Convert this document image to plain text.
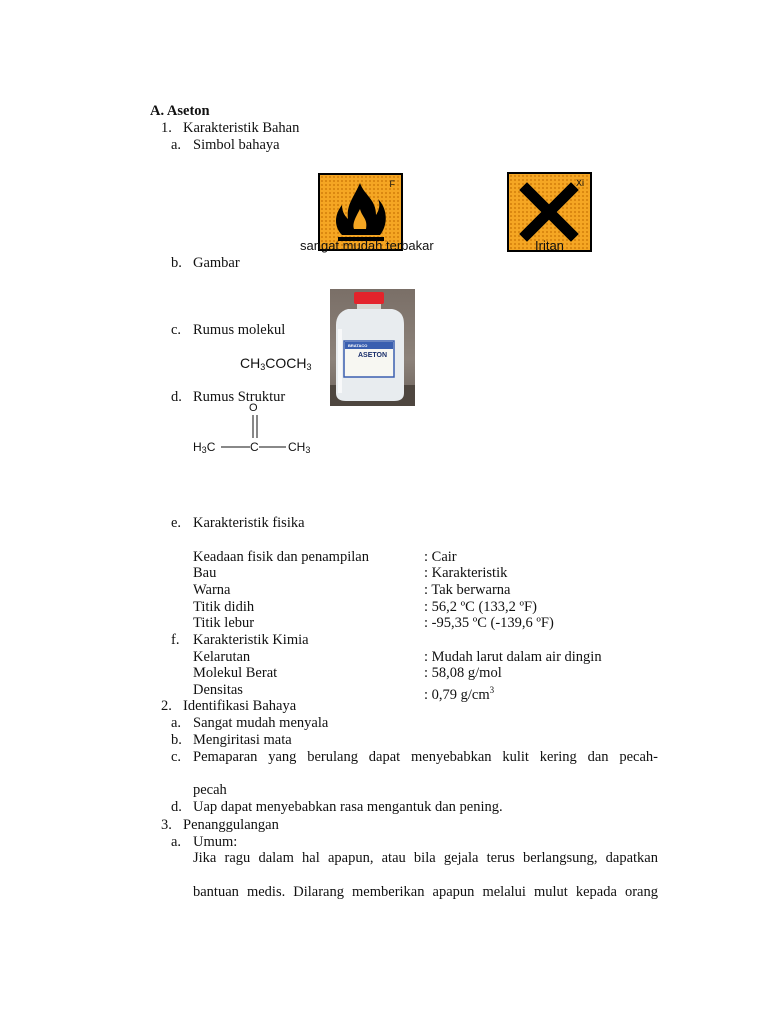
A. Aseton
1. Karakteristik Bahan
a. Simbol bahaya
F
sangat mudah terbakar
Xi
Iritan
b. Gambar
BRATACO
ASETON
c. Rumus molekul
$CH_3COCH_3$
d. Rumus Struktur
O
$H_3C$	C $CH_3$
e. Karakteristik fisika
Keadaan fisik dan penampilan	: Cair
Bau	: Karakteristik
Warna	: Tak berwarna
Titik didih	: 56,2 ºC (133,2 ºF)
Titik lebur	: -95,35 ºC (-139,6 ºF)
f. Karakteristik Kimia
Kelarutan	: Mudah larut dalam air dingin
Molekul Berat	: 58,08 g/mol
Densitas	: 0,79 $g/cm^3$
2. Identifikasi Bahaya
a. Sangat mudah menyala
b. Mengiritasi mata
c. Pemaparan yang berulang dapat menyebabkan kulit kering dan pecah-
pecah
d. Uap dapat menyebabkan rasa mengantuk dan pening.
3. Penanggulangan
a. Umum:
Jika ragu dalam hal apapun, atau bila gejala terus berlangsung, dapatkan
bantuan medis. Dilarang memberikan apapun melalui mulut kepada orang
